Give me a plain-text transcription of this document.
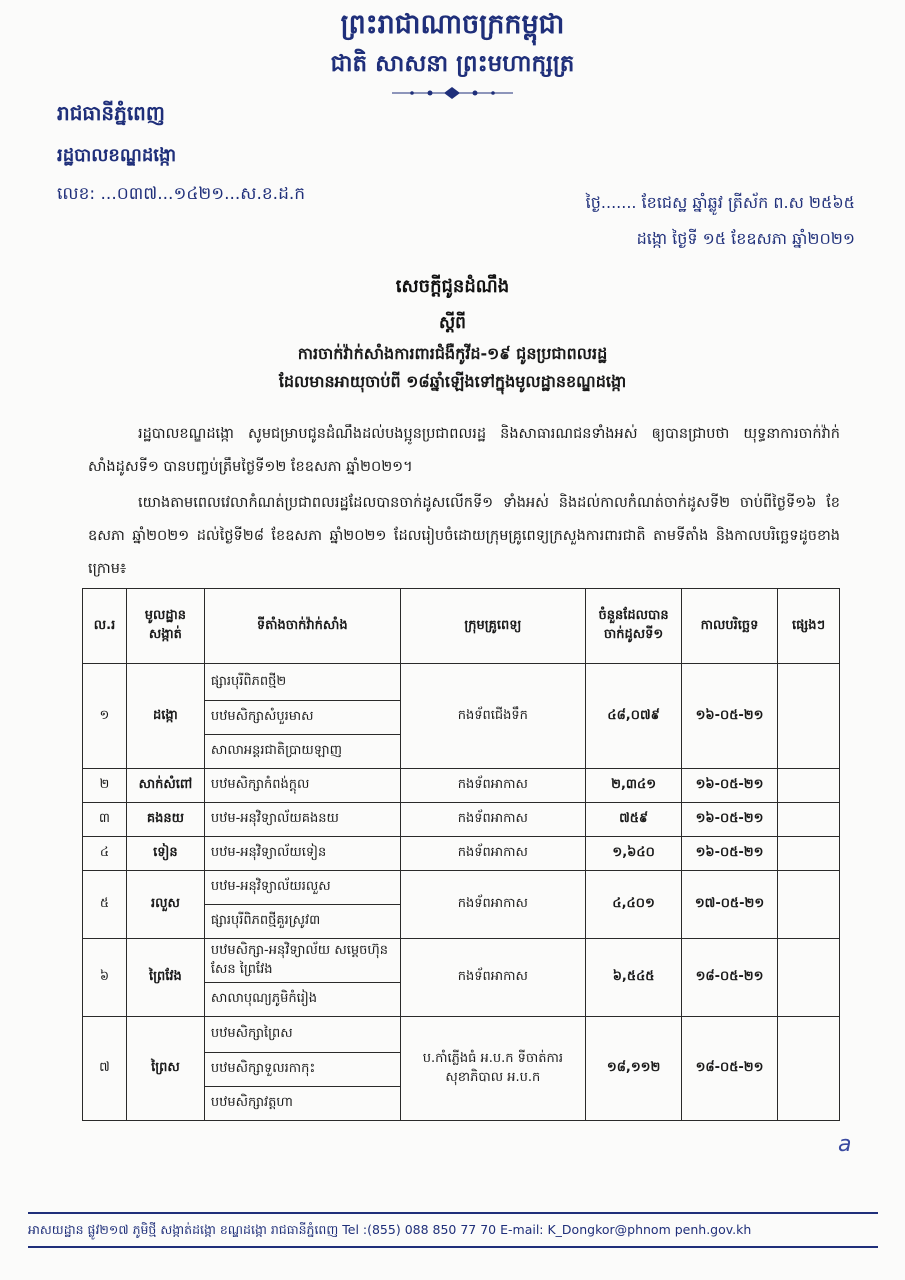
ព្រះរាជាណាចក្រកម្ពុជា
ជាតិ សាសនា ព្រះមហាក្សត្រ
រាជធានីភ្នំពេញ
រដ្ឋបាលខណ្ឌដង្កោ
លេខ: ...០៣៧...១៤២១...ស.ខ.ដ.ក	ថ្ងៃ....... ខែជេស្ឋ ឆ្នាំឆ្លូវ ត្រីស័ក ព.ស ២៥៦៥
ដង្កោ ថ្ងៃទី ១៥ ខែឧសភា ឆ្នាំ២០២១
សេចក្តីជូនដំណឹង
ស្តីពី
ការចាក់វ៉ាក់សាំងការពារជំងឺកូវីដ-១៩ ជូនប្រជាពលរដ្ឋ
ដែលមានអាយុចាប់ពី ១៨ឆ្នាំឡើងទៅក្នុងមូលដ្ឋានខណ្ឌដង្កោ
រដ្ឋបាលខណ្ឌដង្កោ សូមជម្រាបជូនដំណឹងដល់បងប្អូនប្រជាពលរដ្ឋ និងសាធារណជនទាំងអស់ ឲ្យបានជ្រាបថា យុទ្ធនាការចាក់វ៉ាក់សាំងដូសទី១ បានបញ្ចប់ត្រឹមថ្ងៃទី១២ ខែឧសភា ឆ្នាំ២០២១។
យោងតាមពេលវេលាកំណត់ប្រជាពលរដ្ឋដែលបានចាក់ដូសលើកទី១ ទាំងអស់ និងដល់កាលកំណត់ចាក់ដូសទី២ ចាប់ពីថ្ងៃទី១៦ ខែឧសភា ឆ្នាំ២០២១ ដល់ថ្ងៃទី២៨ ខែឧសភា ឆ្នាំ២០២១ ដែលរៀបចំដោយក្រុមគ្រូពេទ្យក្រសួងការពារជាតិ តាមទីតាំង និងកាលបរិច្ឆេទដូចខាងក្រោម៖
ល.រ	មូលដ្ឋានសង្កាត់	ទីតាំងចាក់វ៉ាក់សាំង	ក្រុមគ្រូពេទ្យ	ចំនួនដែលបានចាក់ដូសទី១	កាលបរិច្ឆេទ	ផ្សេងៗ
១	ដង្កោ	ផ្សារបុរីពិភពថ្មី២	កងទ័ពជើងទឹក	៤៨,០៧៩	១៦-០៥-២១	
		បឋមសិក្សាសំបួរមាស				
		សាលាអន្តរជាតិប្រាយឡាញ				
២	សាក់សំពៅ	បឋមសិក្សាកំពង់ក្តុល	កងទ័ពអាកាស	២,៣៤១	១៦-០៥-២១	
៣	គងនយ	បឋម-អនុវិទ្យាល័យគងនយ	កងទ័ពអាកាស	៧៥៩	១៦-០៥-២១	
៤	ទៀន	បឋម-អនុវិទ្យាល័យទៀន	កងទ័ពអាកាស	១,៦៤០	១៦-០៥-២១	
៥	រលួស	បឋម-អនុវិទ្យាល័យរលួស	កងទ័ពអាកាស	៤,៤០១	១៧-០៥-២១	
		ផ្សារបុរីពិភពថ្មីគួរស្រូវ៣				
៦	ព្រៃវែង	បឋមសិក្សា-អនុវិទ្យាល័យ សម្តេចហ៊ុន សែន ព្រៃវែង	កងទ័ពអាកាស	៦,៥៤៥	១៨-០៥-២១	
		សាលាបុណ្យភូមិកំរៀង				
៧	ព្រៃស	បឋមសិក្សាព្រៃស	ប.កាំភ្លើងធំ អ.ប.ក ទីចាត់ការសុខាភិបាល អ.ប.ក	១៨,១១២	១៨-០៥-២១	
		បឋមសិក្សាទួលរកាកុះ				
		បឋមសិក្សាវត្តហា				
a
អាសយដ្ឋាន ផ្លូវ២១៧ ភូមិថ្មី សង្កាត់ដង្កោ ខណ្ឌដង្កោ រាជធានីភ្នំពេញ Tel :(855) 088 850 77 70 E-mail: K_Dongkor@phnom penh.gov.kh
